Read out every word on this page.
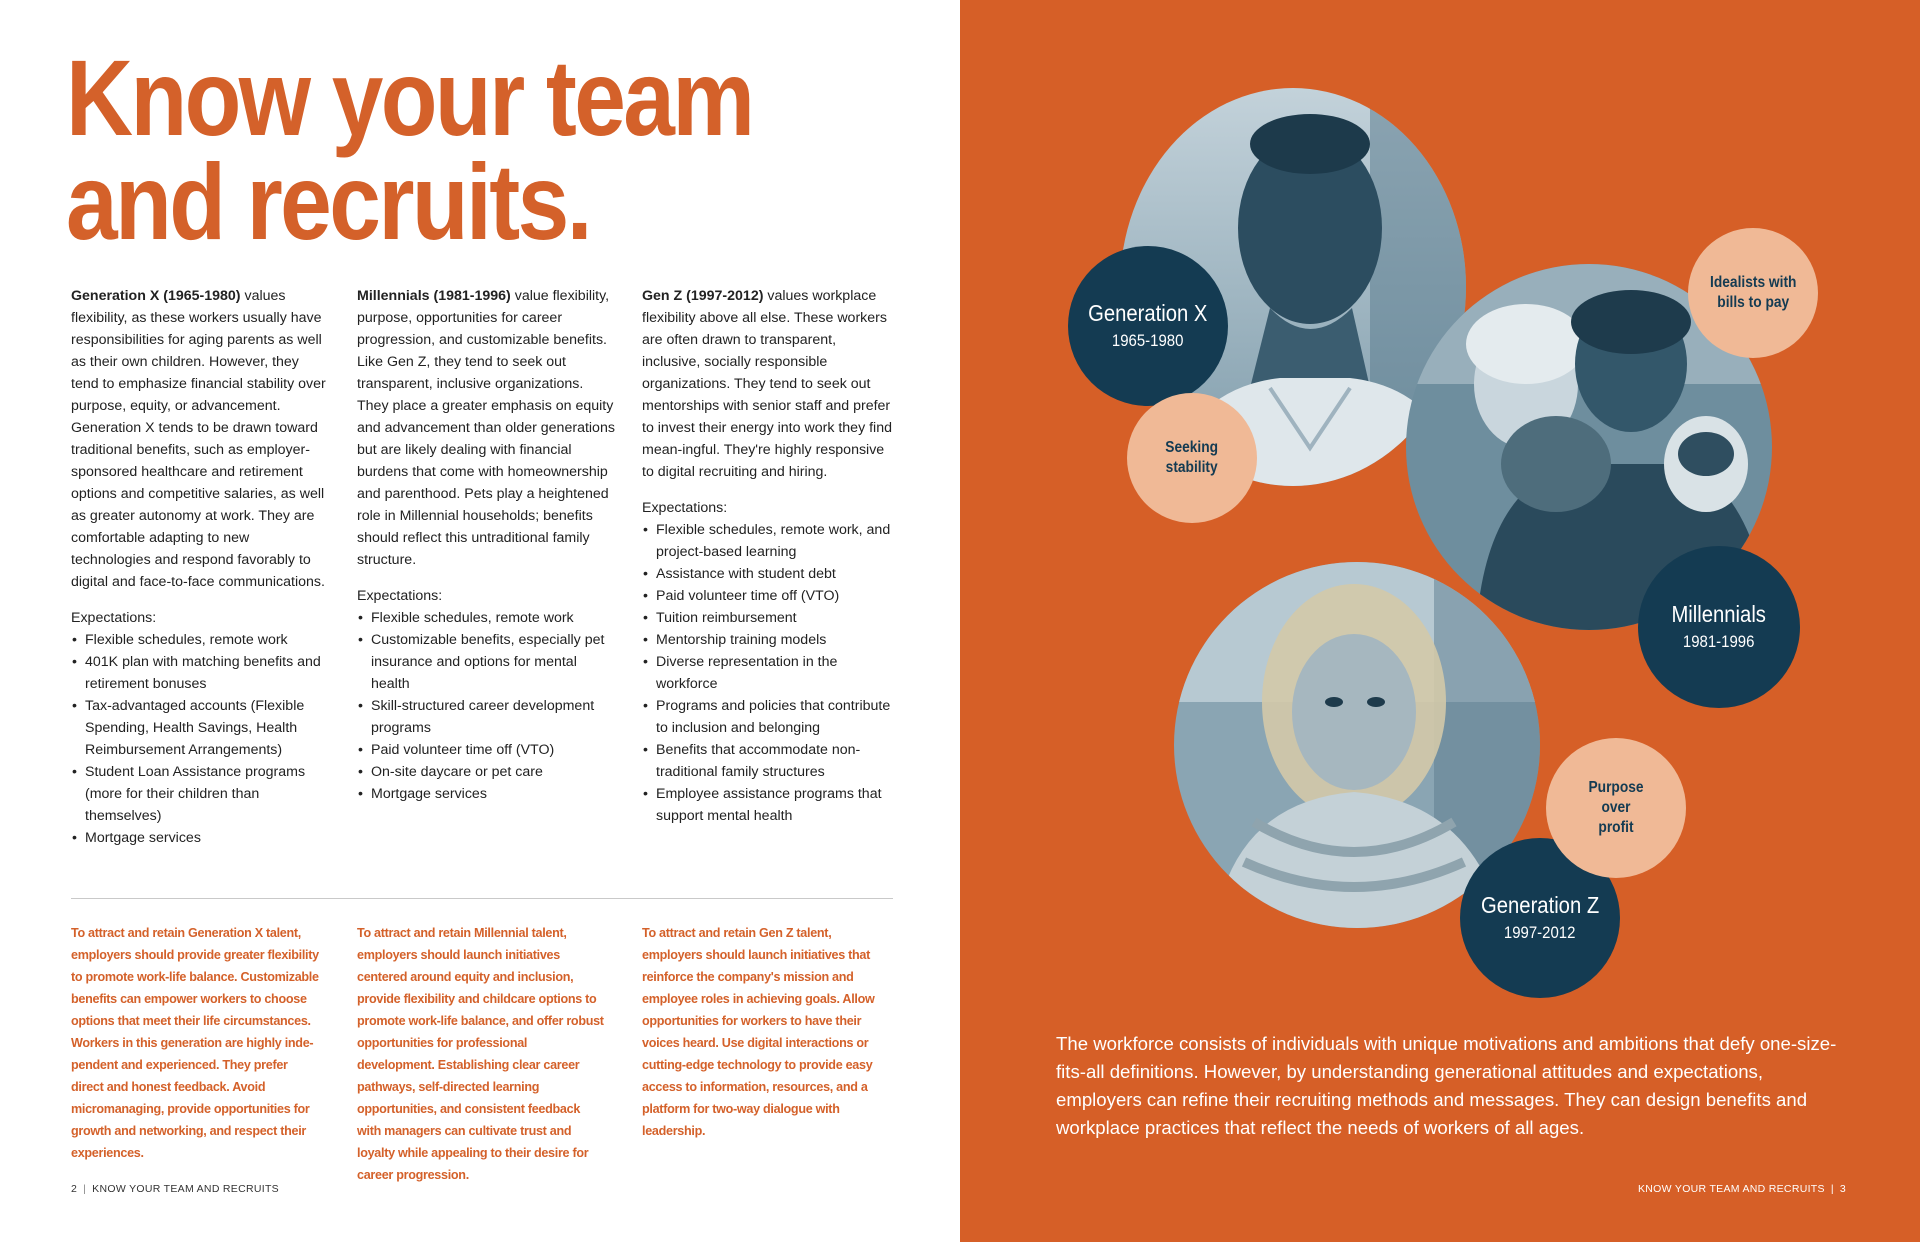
Know your team
and recruits.

Generation X (1965-1980) values flexibility, as these workers usually have responsibilities for aging parents as well as their own children. However, they tend to emphasize financial stability over purpose, equity, or advancement. Generation X tends to be drawn toward traditional benefits, such as employer-sponsored healthcare and retirement options and competitive salaries, as well as greater autonomy at work. They are comfortable adapting to new technologies and respond favorably to digital and face-to-face communications.

Expectations:
• Flexible schedules, remote work
• 401K plan with matching benefits and retirement bonuses
• Tax-advantaged accounts (Flexible Spending, Health Savings, Health Reimbursement Arrangements)
• Student Loan Assistance programs (more for their children than themselves)
• Mortgage services

Millennials (1981-1996) value flexibility, purpose, opportunities for career progression, and customizable benefits. Like Gen Z, they tend to seek out transparent, inclusive organizations. They place a greater emphasis on equity and advancement than older generations but are likely dealing with financial burdens that come with homeownership and parenthood. Pets play a heightened role in Millennial households; benefits should reflect this untraditional family structure.

Expectations:
• Flexible schedules, remote work
• Customizable benefits, especially pet insurance and options for mental health
• Skill-structured career development programs
• Paid volunteer time off (VTO)
• On-site daycare or pet care
• Mortgage services

Gen Z (1997-2012) values workplace flexibility above all else. These workers are often drawn to transparent, inclusive, socially responsible organizations. They tend to seek out mentorships with senior staff and prefer to invest their energy into work they find mean-ingful. They're highly responsive to digital recruiting and hiring.

Expectations:
• Flexible schedules, remote work, and project-based learning
• Assistance with student debt
• Paid volunteer time off (VTO)
• Tuition reimbursement
• Mentorship training models
• Diverse representation in the workforce
• Programs and policies that contribute to inclusion and belonging
• Benefits that accommodate non-traditional family structures
• Employee assistance programs that support mental health

To attract and retain Generation X talent, employers should provide greater flexibility to promote work-life balance. Customizable benefits can empower workers to choose options that meet their life circumstances. Workers in this generation are highly inde-pendent and experienced. They prefer direct and honest feedback. Avoid micromanaging, provide opportunities for growth and networking, and respect their experiences.

To attract and retain Millennial talent, employers should launch initiatives centered around equity and inclusion, provide flexibility and childcare options to promote work-life balance, and offer robust opportunities for professional development. Establishing clear career pathways, self-directed learning opportunities, and consistent feedback with managers can cultivate trust and loyalty while appealing to their desire for career progression.

To attract and retain Gen Z talent, employers should launch initiatives that reinforce the company's mission and employee roles in achieving goals. Allow opportunities for workers to have their voices heard. Use digital interactions or cutting-edge technology to provide easy access to information, resources, and a platform for two-way dialogue with leadership.

2 | KNOW YOUR TEAM AND RECRUITS
Generation X
1965-1980
Millennials
1981-1996
Generation Z
1997-2012
Seeking
stability
Idealists with
bills to pay
Purpose
over
profit

The workforce consists of individuals with unique motivations and ambitions that defy one-size-fits-all definitions. However, by understanding generational attitudes and expectations, employers can refine their recruiting methods and messages. They can design benefits and workplace practices that reflect the needs of workers of all ages.

KNOW YOUR TEAM AND RECRUITS | 3
